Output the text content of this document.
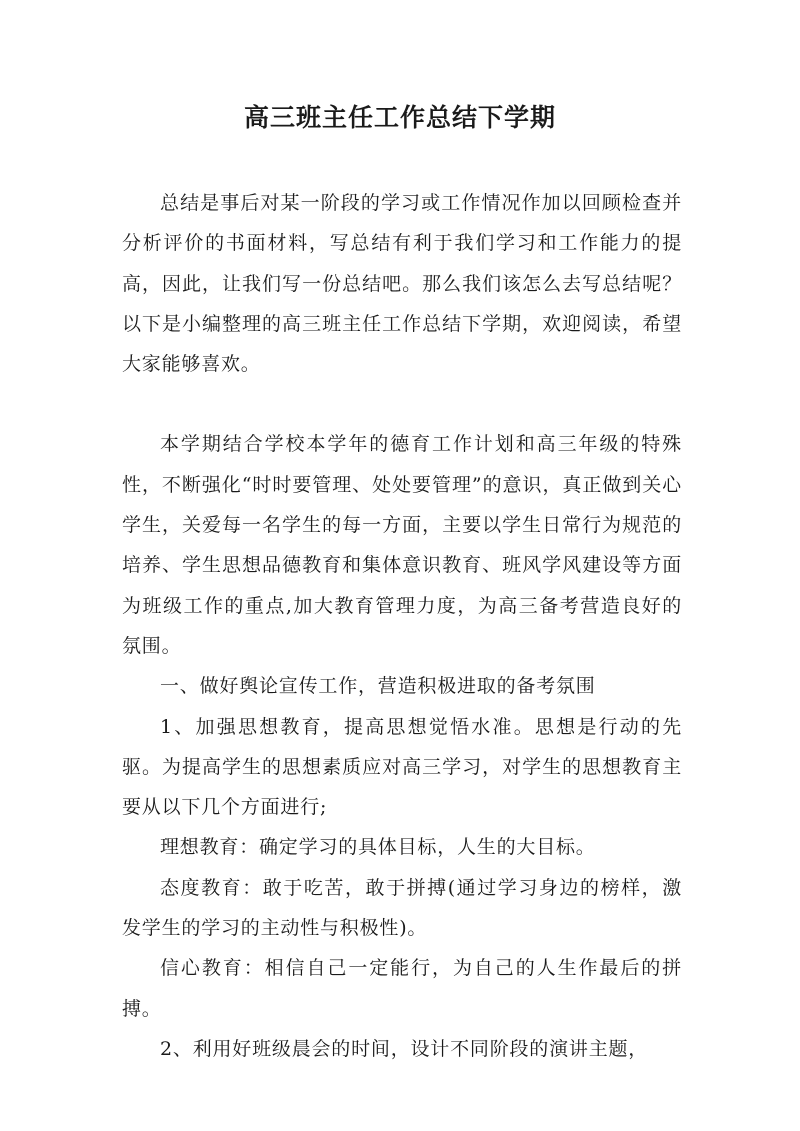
高三班主任工作总结下学期

总结是事后对某一阶段的学习或工作情况作加以回顾检查并分析评价的书面材料，写总结有利于我们学习和工作能力的提高，因此，让我们写一份总结吧。那么我们该怎么去写总结呢？以下是小编整理的高三班主任工作总结下学期，欢迎阅读，希望大家能够喜欢。

本学期结合学校本学年的德育工作计划和高三年级的特殊性，不断强化“时时要管理、处处要管理”的意识，真正做到关心学生，关爱每一名学生的每一方面，主要以学生日常行为规范的培养、学生思想品德教育和集体意识教育、班风学风建设等方面为班级工作的重点,加大教育管理力度，为高三备考营造良好的氛围。

一、做好舆论宣传工作，营造积极进取的备考氛围

1、加强思想教育，提高思想觉悟水准。思想是行动的先驱。为提高学生的思想素质应对高三学习，对学生的思想教育主要从以下几个方面进行;

理想教育：确定学习的具体目标，人生的大目标。

态度教育：敢于吃苦，敢于拼搏(通过学习身边的榜样，激发学生的学习的主动性与积极性)。

信心教育：相信自己一定能行，为自己的人生作最后的拼搏。

2、利用好班级晨会的时间，设计不同阶段的演讲主题，
